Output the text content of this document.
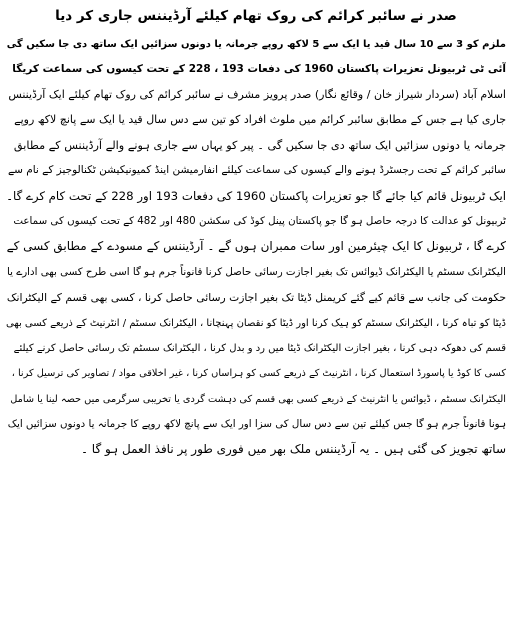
صدر نے سائبر کرائم کی روک تھام کیلئے آرڈیننس جاری کر دیا
ملزم کو 3 سے 10 سال قید یا ایک سے 5 لاکھ روپے جرمانہ یا دونوں سزائیں ایک ساتھ دی جا سکیں گی
آئی ٹی ٹربیونل تعزیرات پاکستان 1960 کی دفعات 193 ، 228 کے تحت کیسوں کی سماعت کریگا
اسلام آباد (سردار شیراز خان / وقائع نگار) صدر پرویز مشرف نے سائبر کرائم کی روک تھام کیلئے ایک آرڈیننس
جاری کیا ہے جس کے مطابق سائبر کرائم میں ملوث افراد کو تین سے دس سال قید یا ایک سے پانچ لاکھ روپے
جرمانہ یا دونوں سزائیں ایک ساتھ دی جا سکیں گی ۔ پیر کو یہاں سے جاری ہونے والے آرڈیننس کے مطابق
سائبر کرائم کے تحت رجسٹرڈ ہونے والے کیسوں کی سماعت کیلئے انفارمیشن اینڈ کمیونیکیشن ٹکنالوجیز کے نام سے
ایک ٹربیونل قائم کیا جائے گا جو تعزیرات پاکستان 1960 کی دفعات 193 اور 228 کے تحت کام کرے گا۔
ٹربیونل کو عدالت کا درجہ حاصل ہو گا جو پاکستان پینل کوڈ کی سکشن 480 اور 482 کے تحت کیسوں کی سماعت
کرے گا ، ٹربیونل کا ایک چیئرمین اور سات ممبران ہوں گے ۔ آرڈیننس کے مسودے کے مطابق کسی کے
الیکٹرانک سسٹم یا الیکٹرانک ڈیوائس تک بغیر اجازت رسائی حاصل کرنا قانوناً جرم ہو گا اسی طرح کسی بھی ادارے یا
حکومت کی جانب سے قائم کیے گئے کریمنل ڈیٹا تک بغیر اجازت رسائی حاصل کرنا ، کسی بھی قسم کے الیکٹرانک
ڈیٹا کو تباہ کرنا ، الیکٹرانک سسٹم کو ہیک کرنا اور ڈیٹا کو نقصان پہنچانا ، الیکٹرانک سسٹم / انٹرنیٹ کے ذریعے کسی بھی
قسم کی دھوکہ دہی کرنا ، بغیر اجازت الیکٹرانک ڈیٹا میں رد و بدل کرنا ، الیکٹرانک سسٹم تک رسائی حاصل کرنے کیلئے
کسی کا کوڈ یا پاسورڈ استعمال کرنا ، انٹرنیٹ کے ذریعے کسی کو ہراساں کرنا ، غیر اخلاقی مواد / تصاویر کی ترسیل کرنا ،
الیکٹرانک سسٹم ، ڈیوائس یا انٹرنیٹ کے ذریعے کسی بھی قسم کی دہشت گردی یا تخریبی سرگرمی میں حصہ لینا یا شامل
ہونا قانوناً جرم ہو گا جس کیلئے تین سے دس سال کی سزا اور ایک سے پانچ لاکھ روپے کا جرمانہ یا دونوں سزائیں ایک
ساتھ تجویز کی گئی ہیں ۔ یہ آرڈیننس ملک بھر میں فوری طور پر نافذ العمل ہو گا ۔
